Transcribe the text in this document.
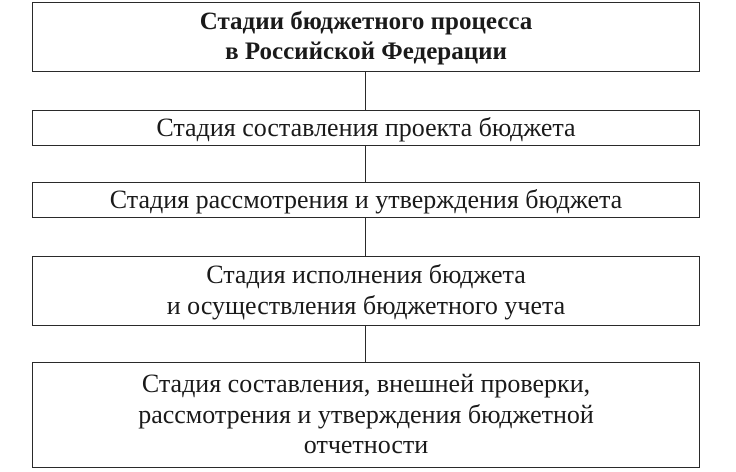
Стадии бюджетного процесса
в Российской Федерации
Стадия составления проекта бюджета
Стадия рассмотрения и утверждения бюджета
Стадия исполнения бюджета
и осуществления бюджетного учета
Стадия составления, внешней проверки,
рассмотрения и утверждения бюджетной
отчетности
